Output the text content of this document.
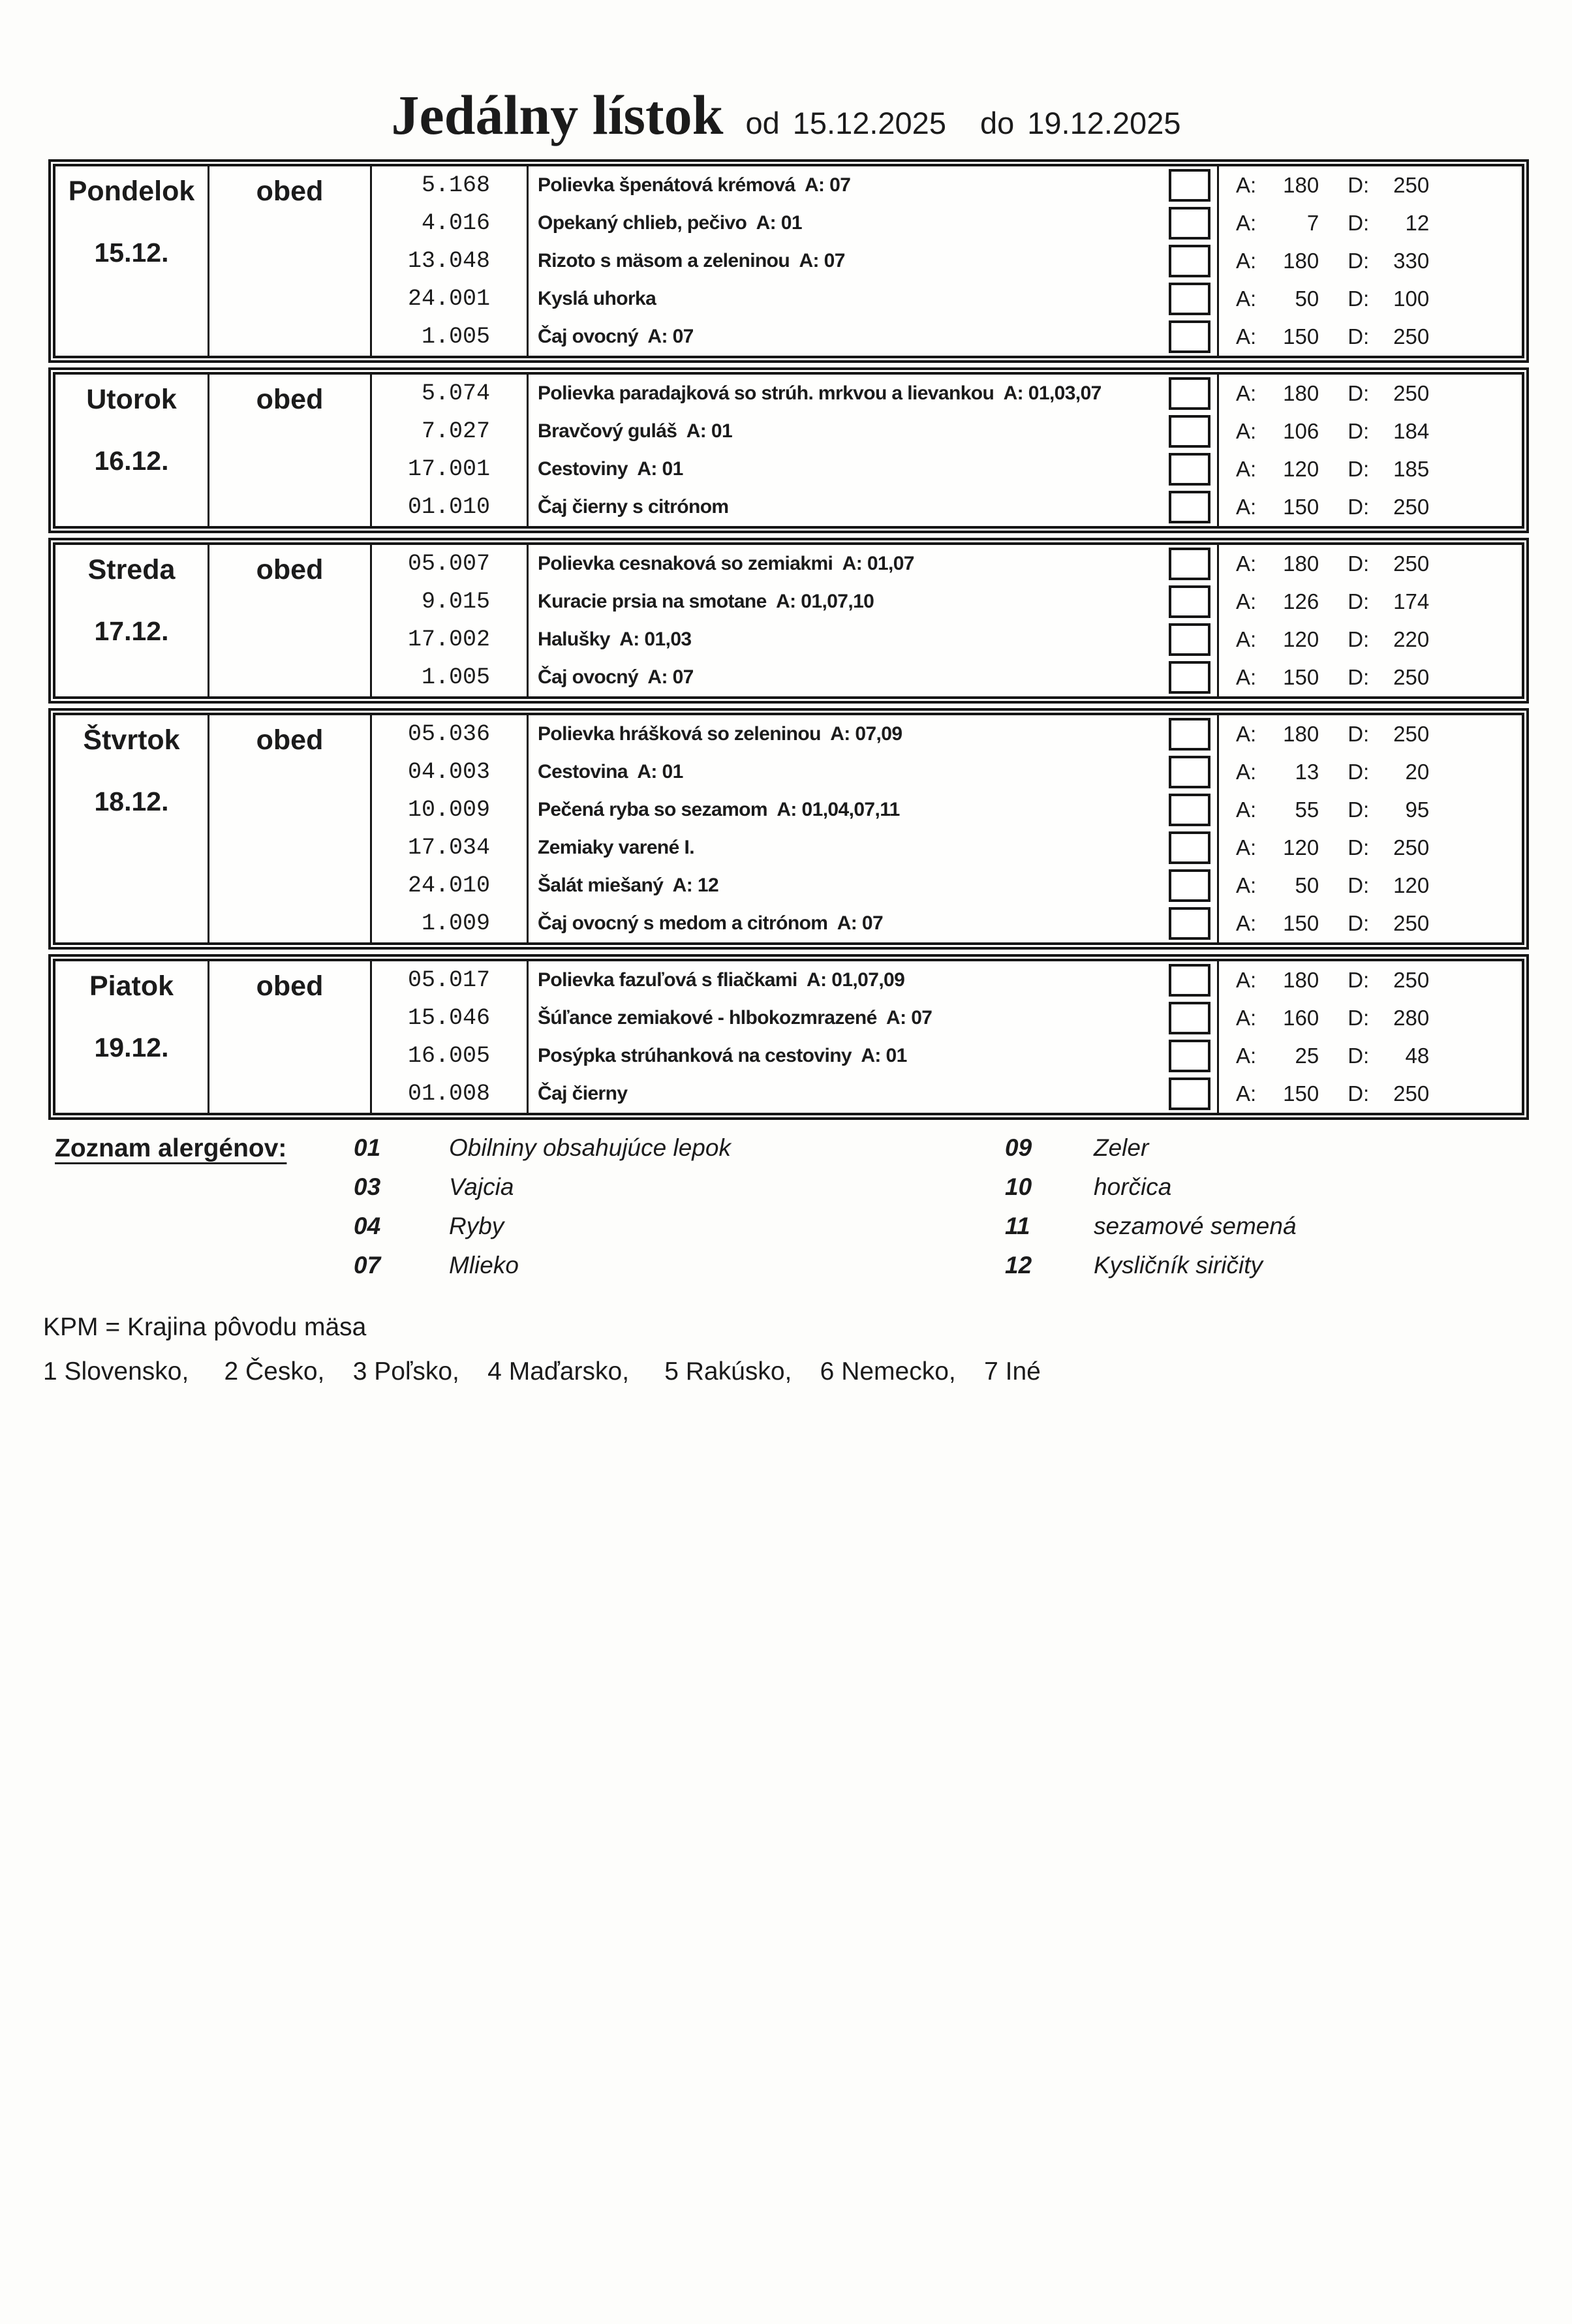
Jedálny lístok od 15.12.2025 do 19.12.2025
Pondelok
15.12.
obed	5.168	Polievka špenátová krémová  A: 07	A:	180 D:	250
4.016	Opekaný chlieb, pečivo  A: 01	A:	7 D:	12
13.048	Rizoto s mäsom a zeleninou  A: 07	A:	180 D:	330
24.001	Kyslá uhorka	A:	50 D:	100
1.005	Čaj ovocný  A: 07	A:	150 D:	250
Utorok
16.12.
obed	5.074	Polievka paradajková so strúh. mrkvou a lievankou  A: 01,03,07	A:	180 D:	250
7.027	Bravčový guláš  A: 01	A:	106 D:	184
17.001	Cestoviny  A: 01	A:	120 D:	185
01.010	Čaj čierny s citrónom	A:	150 D:	250
Streda
17.12.
obed	05.007	Polievka cesnaková so zemiakmi  A: 01,07	A:	180 D:	250
9.015	Kuracie prsia na smotane  A: 01,07,10	A:	126 D:	174
17.002	Halušky  A: 01,03	A:	120 D:	220
1.005	Čaj ovocný  A: 07	A:	150 D:	250
Štvrtok
18.12.
obed	05.036	Polievka hrášková so zeleninou  A: 07,09	A:	180 D:	250
04.003	Cestovina  A: 01	A:	13 D:	20
10.009	Pečená ryba so sezamom  A: 01,04,07,11	A:	55 D:	95
17.034	Zemiaky varené I.	A:	120 D:	250
24.010	Šalát miešaný  A: 12	A:	50 D:	120
1.009	Čaj ovocný s medom a citrónom  A: 07	A:	150 D:	250
Piatok
19.12.
obed	05.017	Polievka fazuľová s fliačkami  A: 01,07,09	A:	180 D:	250
15.046	Šúľance zemiakové - hlbokozmrazené  A: 07	A:	160 D:	280
16.005	Posýpka strúhanková na cestoviny  A: 01	A:	25 D:	48
01.008	Čaj čierny	A:	150 D:	250
Zoznam alergénov:	01	Obilniny obsahujúce lepok	09	Zeler
03	Vajcia	10	horčica
04	Ryby	11	sezamové semená
07	Mlieko	12	Kysličník siričity
KPM = Krajina pôvodu mäsa
1 Slovensko,     2 Česko,    3 Poľsko,    4 Maďarsko,     5 Rakúsko,    6 Nemecko,    7 Iné
